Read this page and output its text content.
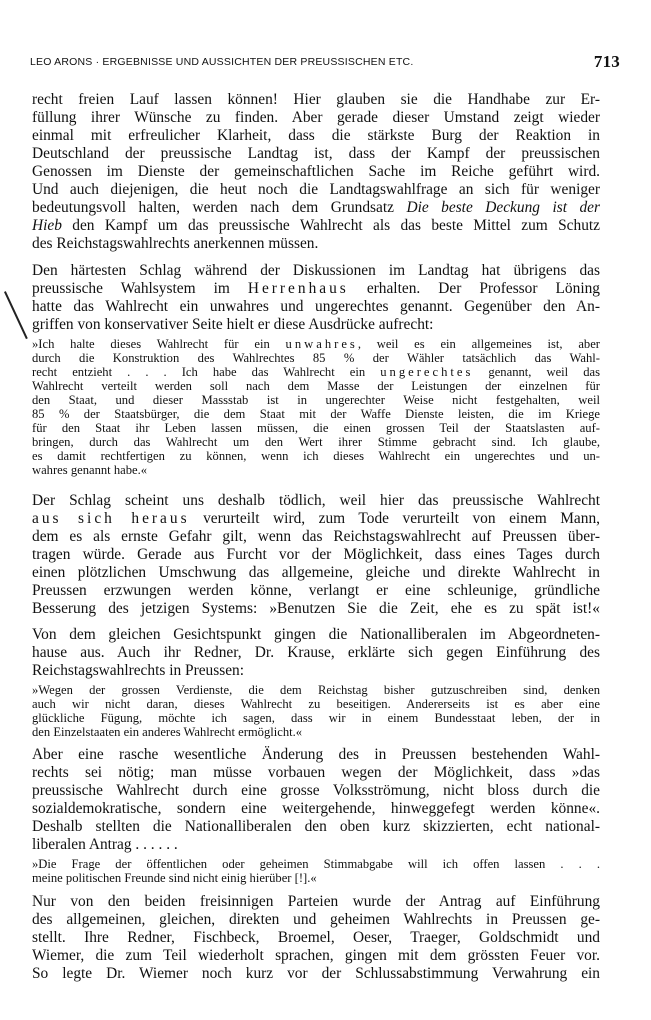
LEO ARONS · ERGEBNISSE UND AUSSICHTEN DER PREUSSISCHEN ETC.	713
recht freien Lauf lassen können! Hier glauben sie die Handhabe zur Er-
füllung ihrer Wünsche zu finden. Aber gerade dieser Umstand zeigt wieder
einmal mit erfreulicher Klarheit, dass die stärkste Burg der Reaktion in
Deutschland der preussische Landtag ist, dass der Kampf der preussischen
Genossen im Dienste der gemeinschaftlichen Sache im Reiche geführt wird.
Und auch diejenigen, die heut noch die Landtagswahlfrage an sich für weniger
bedeutungsvoll halten, werden nach dem Grundsatz Die beste Deckung ist der
Hieb den Kampf um das preussische Wahlrecht als das beste Mittel zum Schutz
des Reichstagswahlrechts anerkennen müssen.
Den härtesten Schlag während der Diskussionen im Landtag hat übrigens das
preussische Wahlsystem im Herrenhaus erhalten. Der Professor Löning
hatte das Wahlrecht ein unwahres und ungerechtes genannt. Gegenüber den An-
griffen von konservativer Seite hielt er diese Ausdrücke aufrecht:
»Ich halte dieses Wahlrecht für ein unwahres, weil es ein allgemeines ist, aber
durch die Konstruktion des Wahlrechtes 85 % der Wähler tatsächlich das Wahl-
recht entzieht . . . Ich habe das Wahlrecht ein ungerechtes genannt, weil das
Wahlrecht verteilt werden soll nach dem Masse der Leistungen der einzelnen für
den Staat, und dieser Massstab ist in ungerechter Weise nicht festgehalten, weil
85 % der Staatsbürger, die dem Staat mit der Waffe Dienste leisten, die im Kriege
für den Staat ihr Leben lassen müssen, die einen grossen Teil der Staatslasten auf-
bringen, durch das Wahlrecht um den Wert ihrer Stimme gebracht sind. Ich glaube,
es damit rechtfertigen zu können, wenn ich dieses Wahlrecht ein ungerechtes und un-
wahres genannt habe.«
Der Schlag scheint uns deshalb tödlich, weil hier das preussische Wahlrecht
aus sich heraus verurteilt wird, zum Tode verurteilt von einem Mann,
dem es als ernste Gefahr gilt, wenn das Reichstagswahlrecht auf Preussen über-
tragen würde. Gerade aus Furcht vor der Möglichkeit, dass eines Tages durch
einen plötzlichen Umschwung das allgemeine, gleiche und direkte Wahlrecht in
Preussen erzwungen werden könne, verlangt er eine schleunige, gründliche
Besserung des jetzigen Systems: »Benutzen Sie die Zeit, ehe es zu spät ist!«
Von dem gleichen Gesichtspunkt gingen die Nationalliberalen im Abgeordneten-
hause aus. Auch ihr Redner, Dr. Krause, erklärte sich gegen Einführung des
Reichstagswahlrechts in Preussen:
»Wegen der grossen Verdienste, die dem Reichstag bisher gutzuschreiben sind, denken
auch wir nicht daran, dieses Wahlrecht zu beseitigen. Andererseits ist es aber eine
glückliche Fügung, möchte ich sagen, dass wir in einem Bundesstaat leben, der in
den Einzelstaaten ein anderes Wahlrecht ermöglicht.«
Aber eine rasche wesentliche Änderung des in Preussen bestehenden Wahl-
rechts sei nötig; man müsse vorbauen wegen der Möglichkeit, dass »das
preussische Wahlrecht durch eine grosse Volksströmung, nicht bloss durch die
sozialdemokratische, sondern eine weitergehende, hinweggefegt werden könne«.
Deshalb stellten die Nationalliberalen den oben kurz skizzierten, echt national-
liberalen Antrag . . . . . .
»Die Frage der öffentlichen oder geheimen Stimmabgabe will ich offen lassen . . .
meine politischen Freunde sind nicht einig hierüber [!].«
Nur von den beiden freisinnigen Parteien wurde der Antrag auf Einführung
des allgemeinen, gleichen, direkten und geheimen Wahlrechts in Preussen ge-
stellt. Ihre Redner, Fischbeck, Broemel, Oeser, Traeger, Goldschmidt und
Wiemer, die zum Teil wiederholt sprachen, gingen mit dem grössten Feuer vor.
So legte Dr. Wiemer noch kurz vor der Schlussabstimmung Verwahrung ein
